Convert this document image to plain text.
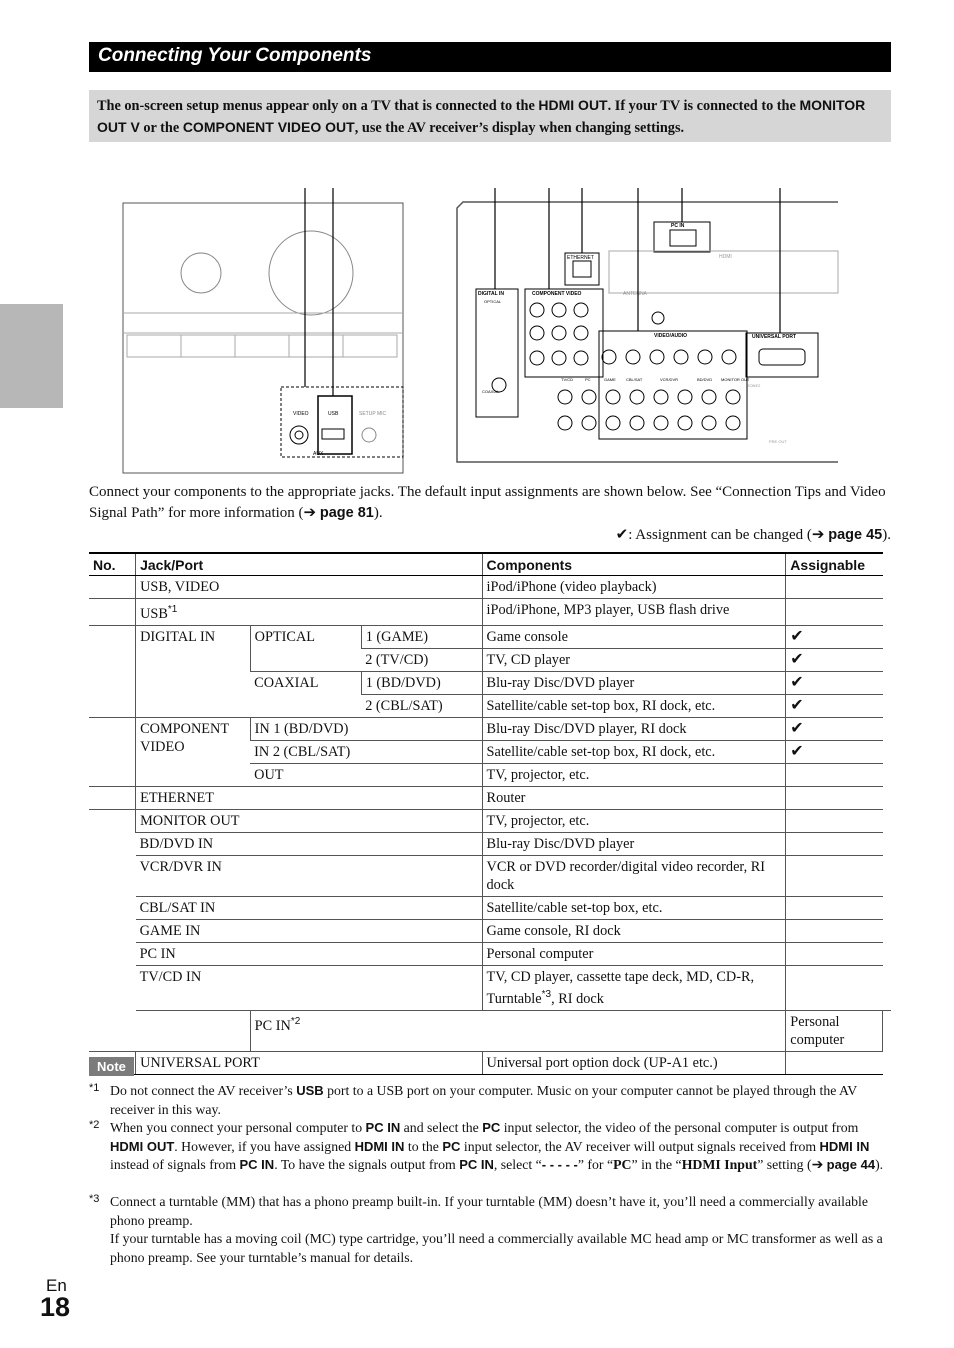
Connecting Your Components
The on-screen setup menus appear only on a TV that is connected to the HDMI OUT. If your TV is connected to the MONITOR OUT V or the COMPONENT VIDEO OUT, use the AV receiver’s display when changing settings.
VIDEO	USB	SETUP MIC
AUX
PC IN
ETHERNET	HDMI
DIGITAL IN
OPTICAL
COAXIAL
COMPONENT VIDEO	ANTENNA
VIDEO/AUDIO
TV/CD	PC	GAME	CBL/SAT	VCR/DVR	BD/DVD MONITOR OUT
UNIVERSAL PORT
ZONE2
PRE OUT
Connect your components to the appropriate jacks. The default input assignments are shown below. See “Connection Tips and Video Signal Path” for more information (➔ page 81).
✔: Assignment can be changed (➔ page 45).
No.	Jack/Port			Components	Assignable	
	USB, VIDEO			iPod/iPhone (video playback)		
	USB$^{*1}$			iPod/iPhone, MP3 player, USB flash drive		
	DIGITAL IN	OPTICAL	1 (GAME)	Game console	✔	
			2 (TV/CD)	TV, CD player	✔	
		COAXIAL	1 (BD/DVD)	Blu-ray Disc/DVD player	✔	
			2 (CBL/SAT)	Satellite/cable set-top box, RI dock, etc.	✔	
	COMPONENT VIDEO	IN 1 (BD/DVD)		Blu-ray Disc/DVD player, RI dock	✔	
		IN 2 (CBL/SAT)		Satellite/cable set-top box, RI dock, etc.	✔	
		OUT		TV, projector, etc.		
	ETHERNET			Router		
	MONITOR OUT			TV, projector, etc.		
	BD/DVD IN			Blu-ray Disc/DVD player		
	VCR/DVR IN			VCR or DVD recorder/digital video recorder, RI dock		
	CBL/SAT IN			Satellite/cable set-top box, etc.		
	GAME IN			Game console, RI dock		
	PC IN			Personal computer		
	TV/CD IN			TV, CD player, cassette tape deck, MD, CD-R, Turntable$^{*3}$, RI dock		
		PC IN$^{*2}$			Personal computer	
	UNIVERSAL PORT			Universal port option dock (UP-A1 etc.)		
Note
*1 Do not connect the AV receiver’s USB port to a USB port on your computer. Music on your computer cannot be played through the AV receiver in this way.
*2 When you connect your personal computer to PC IN and select the PC input selector, the video of the personal computer is output from HDMI OUT. However, if you have assigned HDMI IN to the PC input selector, the AV receiver will output signals received from HDMI IN instead of signals from PC IN. To have the signals output from PC IN, select “- - - - -” for “PC” in the “HDMI Input” setting (➔ page 44).
*3 Connect a turntable (MM) that has a phono preamp built-in. If your turntable (MM) doesn’t have it, you’ll need a commercially available phono preamp.
If your turntable has a moving coil (MC) type cartridge, you’ll need a commercially available MC head amp or MC transformer as well as a phono preamp. See your turntable’s manual for details.
En
18
